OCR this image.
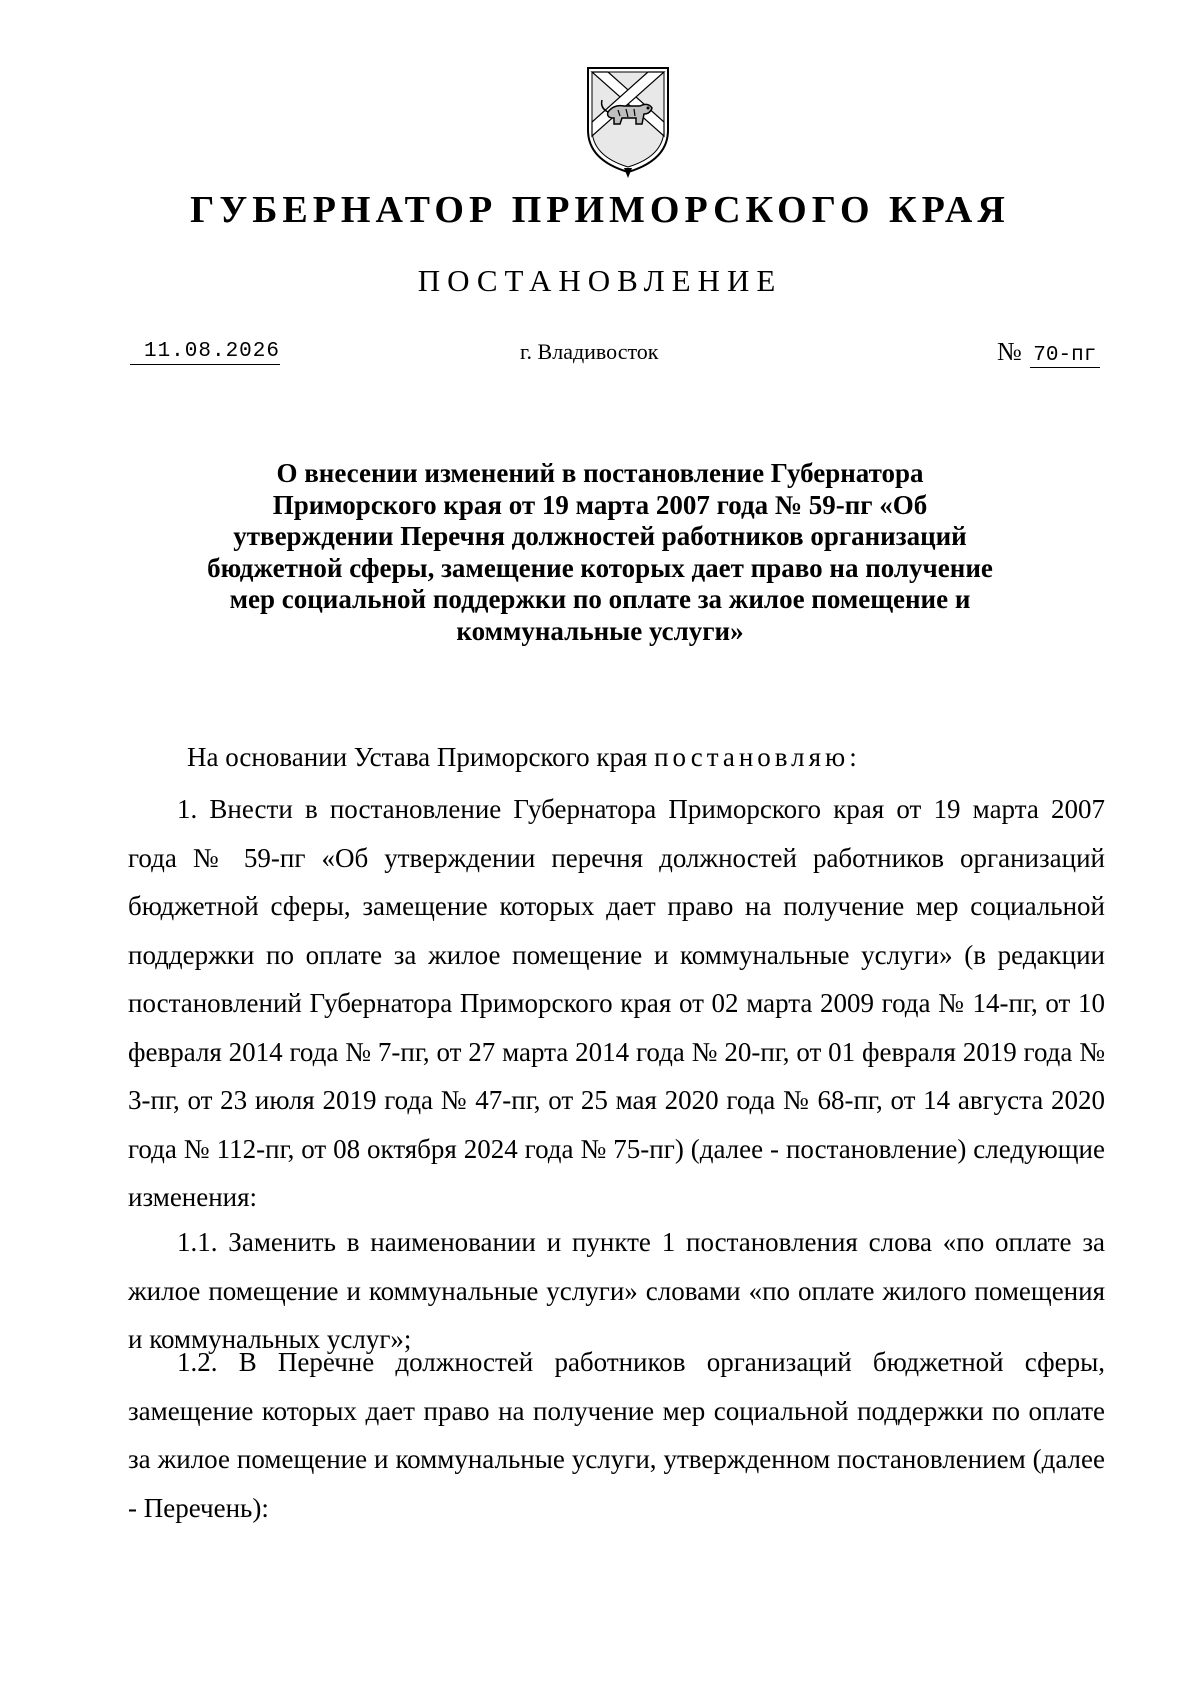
ГУБЕРНАТОР ПРИМОРСКОГО КРАЯ
ПОСТАНОВЛЕНИЕ
11.08.2026	г. Владивосток	№ 70-пг
О внесении изменений в постановление Губернатора Приморского края от 19 марта 2007 года № 59-пг «Об утверждении Перечня должностей работников организаций бюджетной сферы, замещение которых дает право на получение мер социальной поддержки по оплате за жилое помещение и коммунальные услуги»
На основании Устава Приморского края постановляю:

1. Внести в постановление Губернатора Приморского края от 19 марта 2007 года № 59-пг «Об утверждении перечня должностей работников организаций бюджетной сферы, замещение которых дает право на получение мер социальной поддержки по оплате за жилое помещение и коммунальные услуги» (в редакции постановлений Губернатора Приморского края от 02 марта 2009 года № 14-пг, от 10 февраля 2014 года № 7-пг, от 27 марта 2014 года № 20-пг, от 01 февраля 2019 года № 3-пг, от 23 июля 2019 года № 47-пг, от 25 мая 2020 года № 68-пг, от 14 августа 2020 года № 112-пг, от 08 октября 2024 года № 75-пг) (далее - постановление) следующие изменения:

1.1. Заменить в наименовании и пункте 1 постановления слова «по оплате за жилое помещение и коммунальные услуги» словами «по оплате жилого помещения и коммунальных услуг»;

1.2. В Перечне должностей работников организаций бюджетной сферы, замещение которых дает право на получение мер социальной поддержки по оплате за жилое помещение и коммунальные услуги, утвержденном постановлением (далее - Перечень):
